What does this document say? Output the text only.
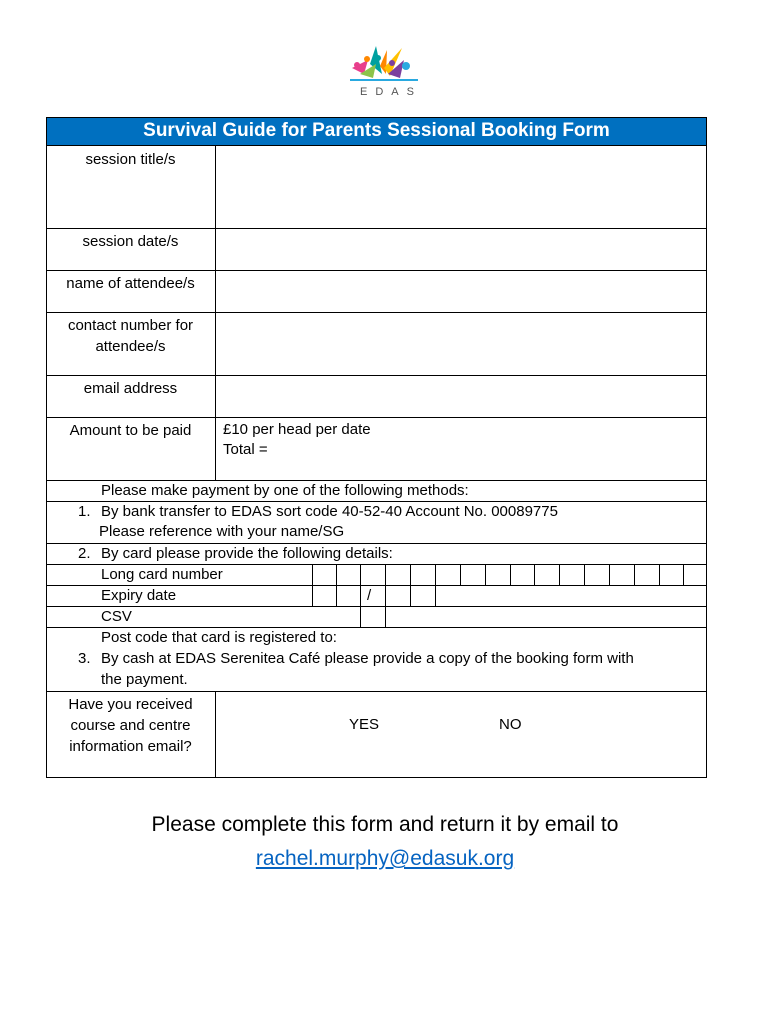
EDAS
Survival Guide for Parents Sessional Booking Form
session title/s
session date/s
name of attendee/s
contact number for
attendee/s
email address
Amount to be paid	£10 per head per date
Total =
Please make payment by one of the following methods:
1. By bank transfer to EDAS sort code 40-52-40 Account No. 00089775
Please reference with your name/SG
2. By card please provide the following details:
Long card number
Expiry date	/
CSV
Post code that card is registered to:
3. By cash at EDAS Serenitea Café please provide a copy of the booking form with
the payment.
Have you received
course and centre
information email?
YES	NO
Please complete this form and return it by email to
rachel.murphy@edasuk.org
